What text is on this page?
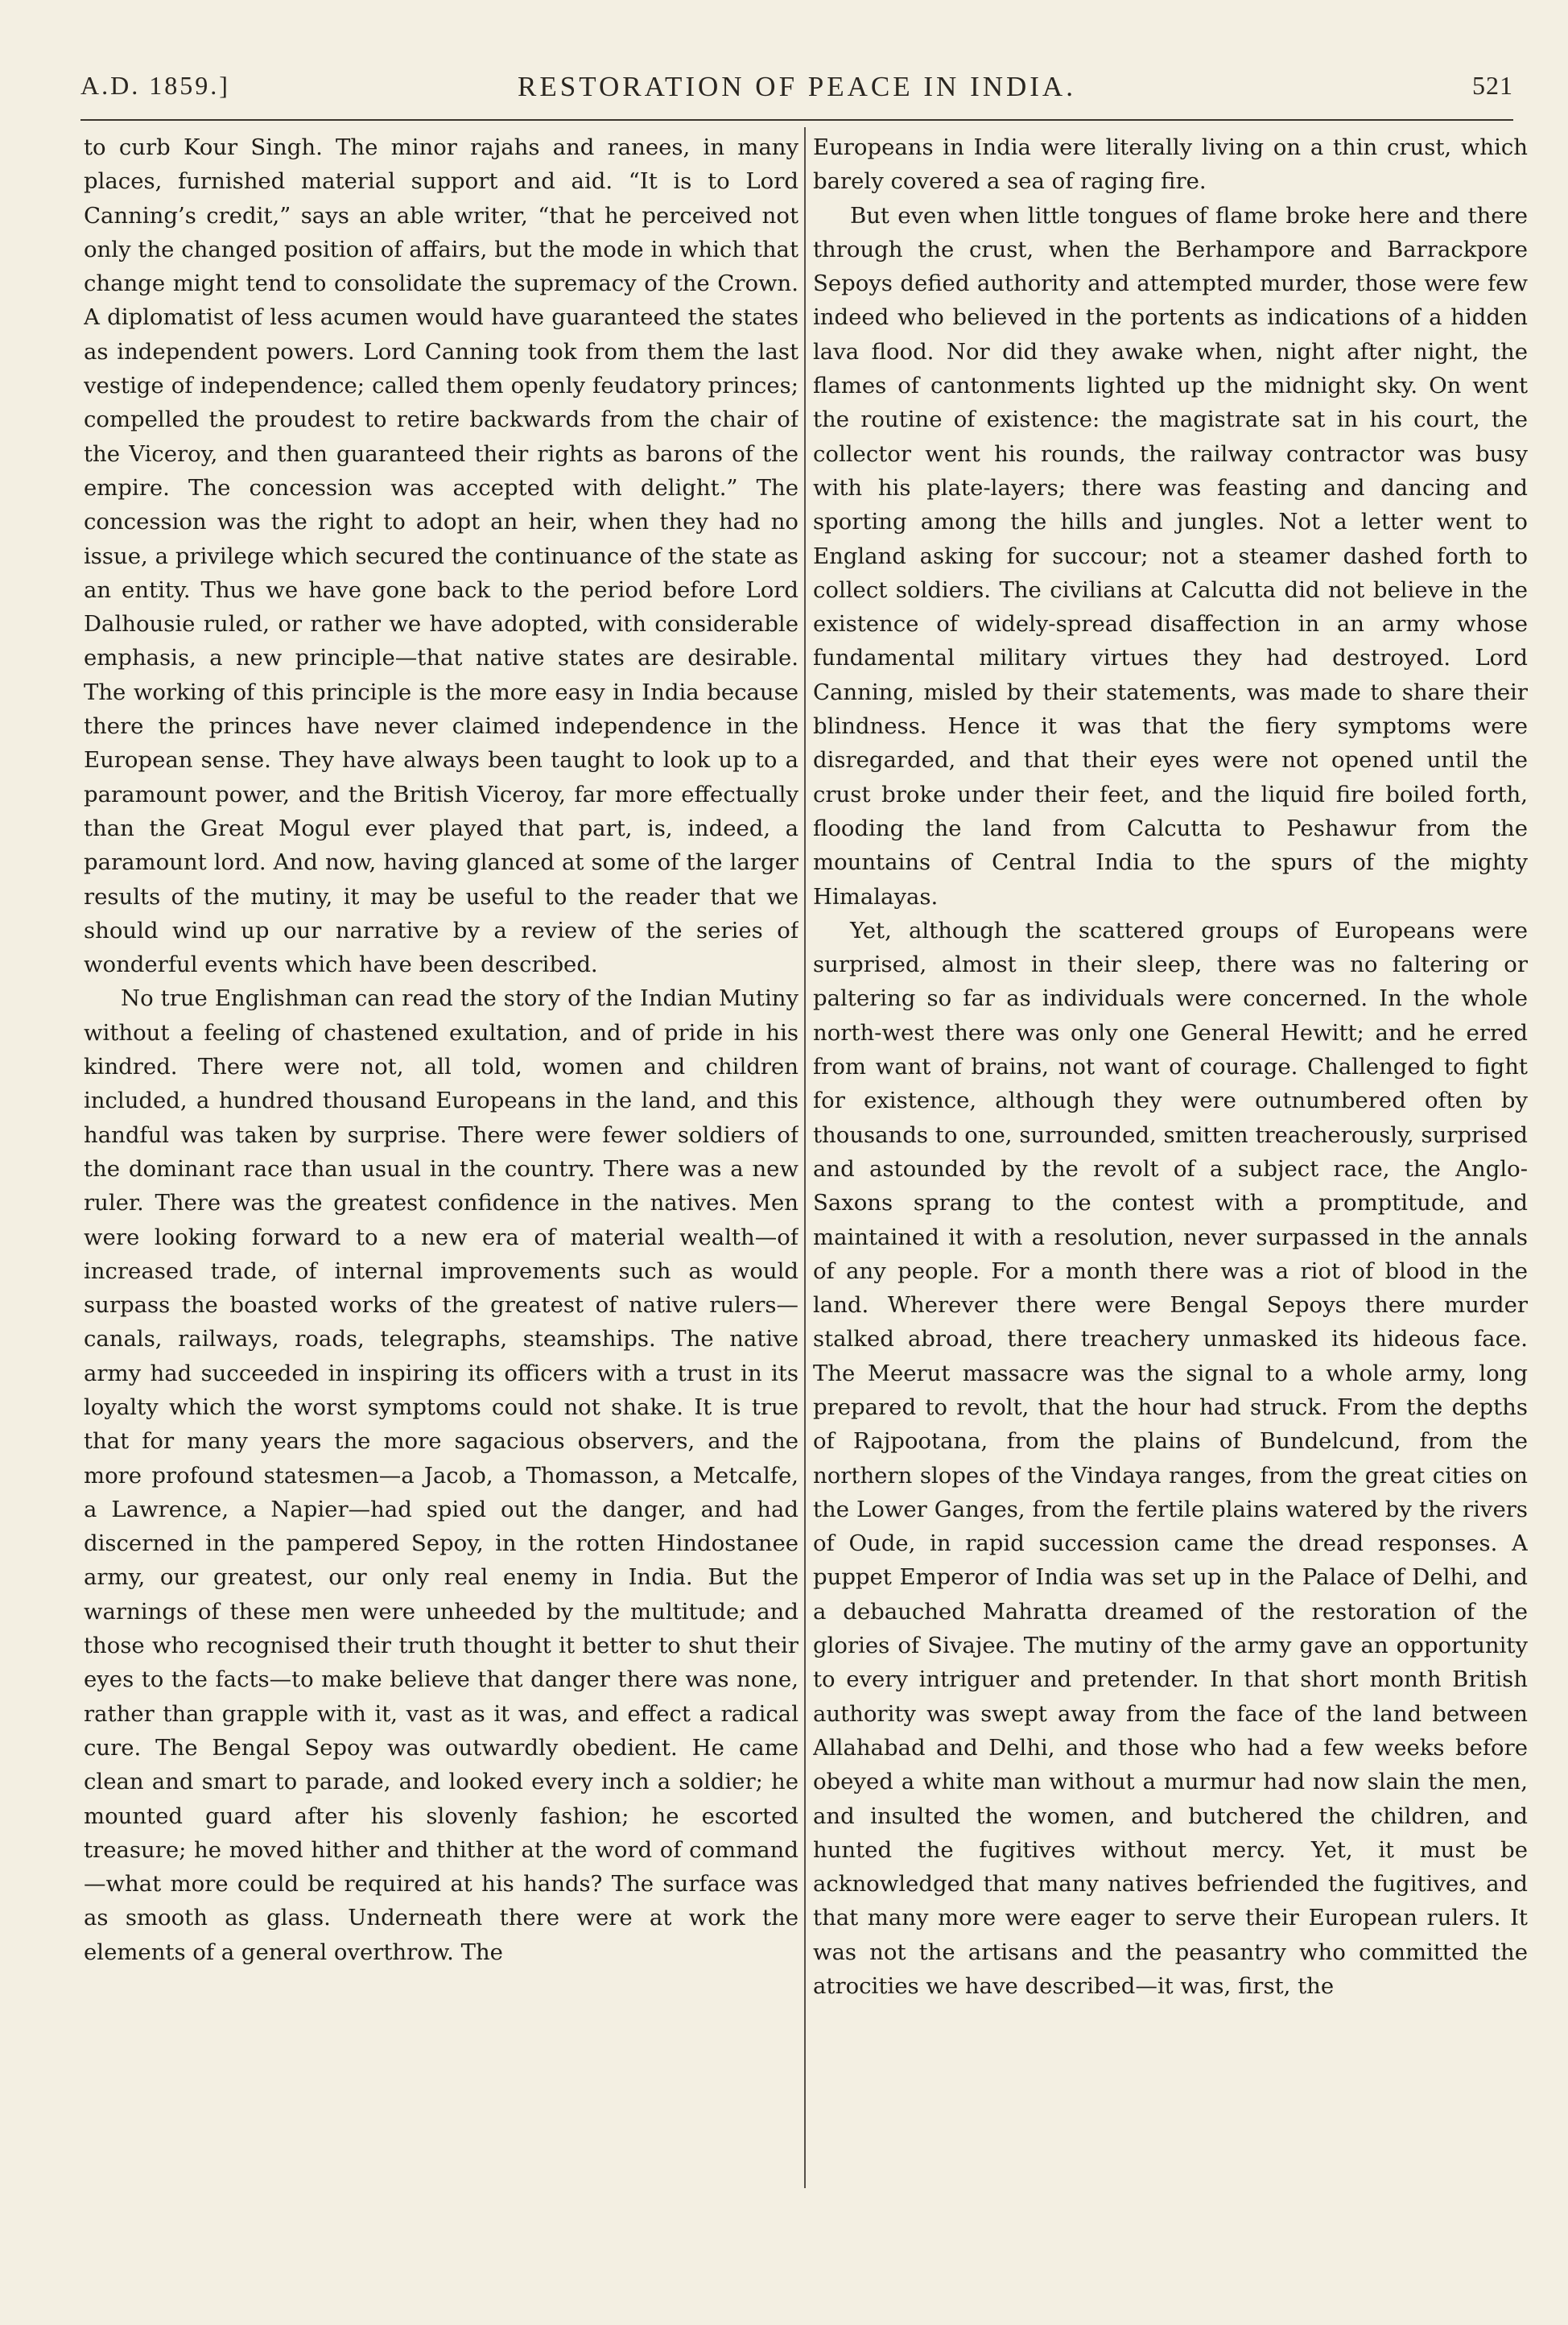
A.D. 1859.]	RESTORATION OF PEACE IN INDIA.	521

to curb Kour Singh. The minor rajahs and ranees, in many places, furnished material support and aid. “It is to Lord Canning’s credit,” says an able writer, “that he perceived not only the changed position of affairs, but the mode in which that change might tend to consolidate the supremacy of the Crown. A diplomatist of less acumen would have guaranteed the states as independent powers. Lord Canning took from them the last vestige of independence; called them openly feudatory princes; compelled the proudest to retire backwards from the chair of the Viceroy, and then guaranteed their rights as barons of the empire. The concession was accepted with delight.” The concession was the right to adopt an heir, when they had no issue, a privilege which secured the continuance of the state as an entity. Thus we have gone back to the period before Lord Dalhousie ruled, or rather we have adopted, with considerable emphasis, a new principle—that native states are desirable. The working of this principle is the more easy in India because there the princes have never claimed independence in the European sense. They have always been taught to look up to a paramount power, and the British Viceroy, far more effectually than the Great Mogul ever played that part, is, indeed, a paramount lord. And now, having glanced at some of the larger results of the mutiny, it may be useful to the reader that we should wind up our narrative by a review of the series of wonderful events which have been described.

No true Englishman can read the story of the Indian Mutiny without a feeling of chastened exultation, and of pride in his kindred. There were not, all told, women and children included, a hundred thousand Europeans in the land, and this handful was taken by surprise. There were fewer soldiers of the dominant race than usual in the country. There was a new ruler. There was the greatest confidence in the natives. Men were looking forward to a new era of material wealth—of increased trade, of internal improvements such as would surpass the boasted works of the greatest of native rulers—canals, railways, roads, telegraphs, steamships. The native army had succeeded in inspiring its officers with a trust in its loyalty which the worst symptoms could not shake. It is true that for many years the more sagacious observers, and the more profound statesmen—a Jacob, a Thomasson, a Metcalfe, a Lawrence, a Napier—had spied out the danger, and had discerned in the pampered Sepoy, in the rotten Hindostanee army, our greatest, our only real enemy in India. But the warnings of these men were unheeded by the multitude; and those who recognised their truth thought it better to shut their eyes to the facts—to make believe that danger there was none, rather than grapple with it, vast as it was, and effect a radical cure. The Bengal Sepoy was outwardly obedient. He came clean and smart to parade, and looked every inch a soldier; he mounted guard after his slovenly fashion; he escorted treasure; he moved hither and thither at the word of command—what more could be required at his hands? The surface was as smooth as glass. Underneath there were at work the elements of a general overthrow. The

Europeans in India were literally living on a thin crust, which barely covered a sea of raging fire.

But even when little tongues of flame broke here and there through the crust, when the Berhampore and Barrackpore Sepoys defied authority and attempted murder, those were few indeed who believed in the portents as indications of a hidden lava flood. Nor did they awake when, night after night, the flames of cantonments lighted up the midnight sky. On went the routine of existence: the magistrate sat in his court, the collector went his rounds, the railway contractor was busy with his plate-layers; there was feasting and dancing and sporting among the hills and jungles. Not a letter went to England asking for succour; not a steamer dashed forth to collect soldiers. The civilians at Calcutta did not believe in the existence of widely-spread disaffection in an army whose fundamental military virtues they had destroyed. Lord Canning, misled by their statements, was made to share their blindness. Hence it was that the fiery symptoms were disregarded, and that their eyes were not opened until the crust broke under their feet, and the liquid fire boiled forth, flooding the land from Calcutta to Peshawur from the mountains of Central India to the spurs of the mighty Himalayas.

Yet, although the scattered groups of Europeans were surprised, almost in their sleep, there was no faltering or paltering so far as individuals were concerned. In the whole north-west there was only one General Hewitt; and he erred from want of brains, not want of courage. Challenged to fight for existence, although they were outnumbered often by thousands to one, surrounded, smitten treacherously, surprised and astounded by the revolt of a subject race, the Anglo-Saxons sprang to the contest with a promptitude, and maintained it with a resolution, never surpassed in the annals of any people. For a month there was a riot of blood in the land. Wherever there were Bengal Sepoys there murder stalked abroad, there treachery unmasked its hideous face. The Meerut massacre was the signal to a whole army, long prepared to revolt, that the hour had struck. From the depths of Rajpootana, from the plains of Bundelcund, from the northern slopes of the Vindaya ranges, from the great cities on the Lower Ganges, from the fertile plains watered by the rivers of Oude, in rapid succession came the dread responses. A puppet Emperor of India was set up in the Palace of Delhi, and a debauched Mahratta dreamed of the restoration of the glories of Sivajee. The mutiny of the army gave an opportunity to every intriguer and pretender. In that short month British authority was swept away from the face of the land between Allahabad and Delhi, and those who had a few weeks before obeyed a white man without a murmur had now slain the men, and insulted the women, and butchered the children, and hunted the fugitives without mercy. Yet, it must be acknowledged that many natives befriended the fugitives, and that many more were eager to serve their European rulers. It was not the artisans and the peasantry who committed the atrocities we have described—it was, first, the
